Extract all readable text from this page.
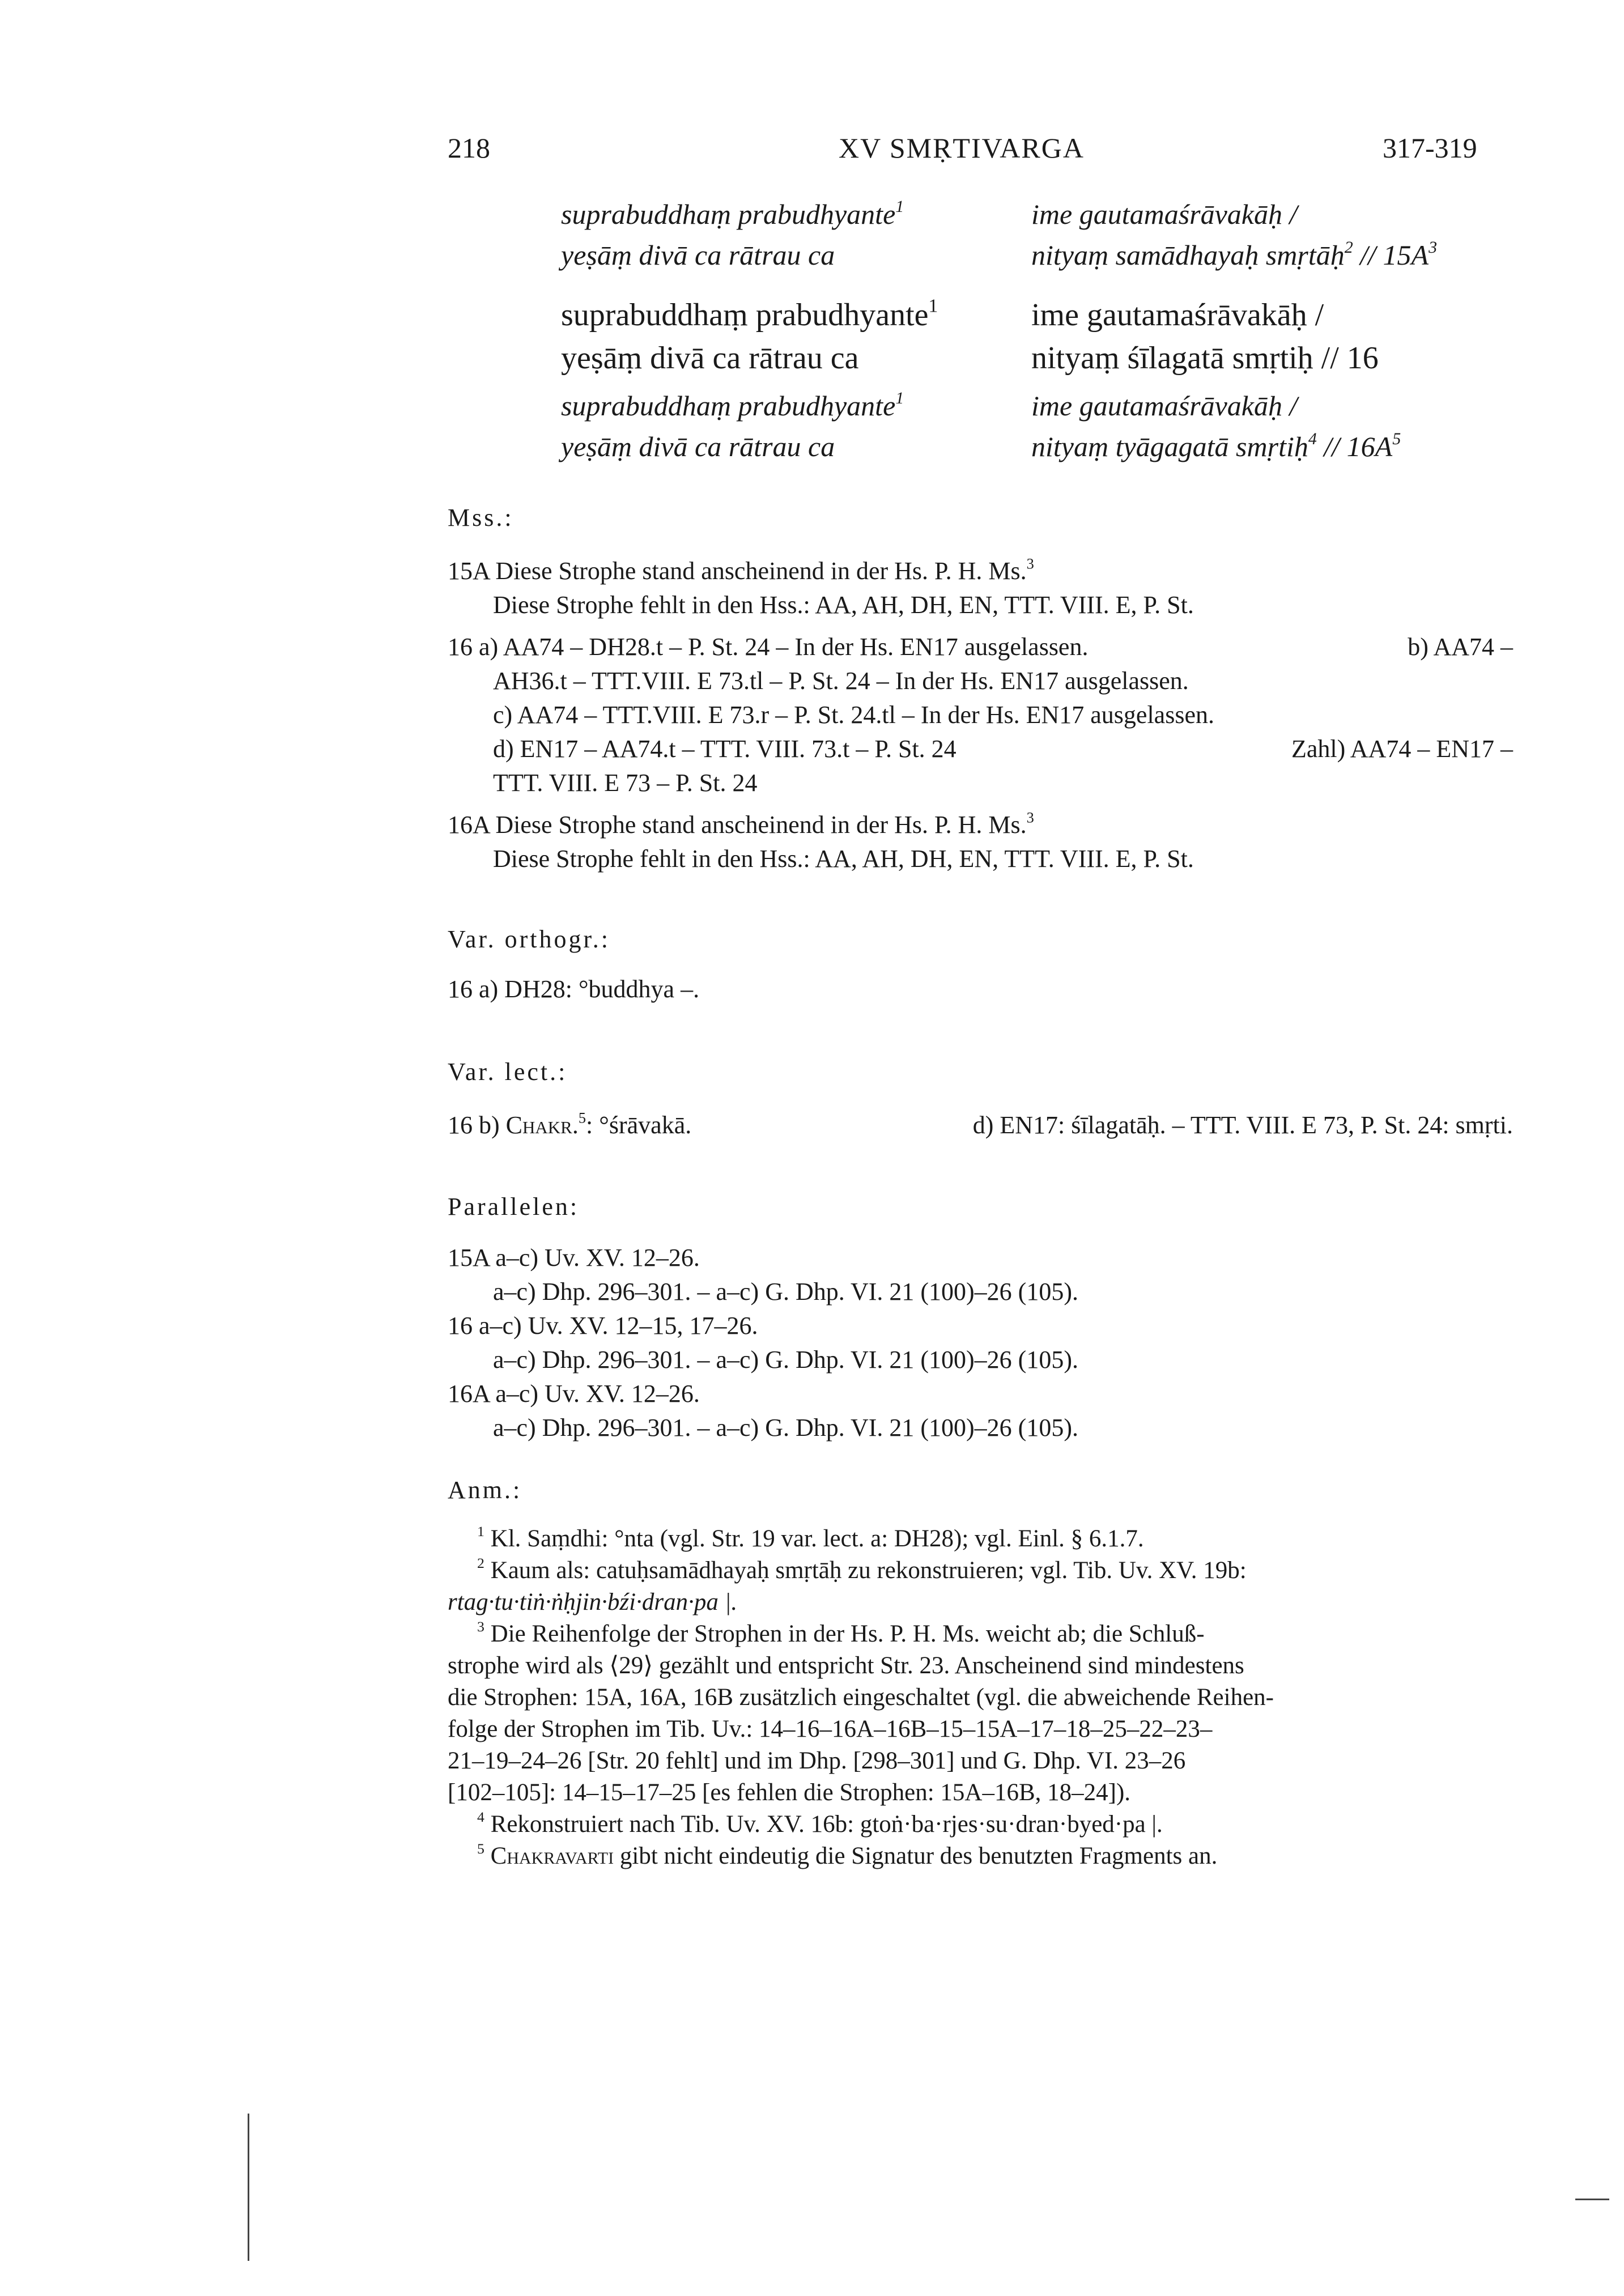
218	XV SMṚTIVARGA	317-319
suprabuddhaṃ prabudhyante$^1$	ime gautamaśrāvakāḥ /
yeṣāṃ divā ca rātrau ca	nityaṃ samādhayaḥ smṛtāḥ$^2$ // $15A^3$
suprabuddhaṃ prabudhyante$^1$	ime gautamaśrāvakāḥ /
yeṣāṃ divā ca rātrau ca	nityaṃ śīlagatā smṛtiḥ // 16
suprabuddhaṃ prabudhyante$^1$	ime gautamaśrāvakāḥ /
yeṣāṃ divā ca rātrau ca	nityaṃ tyāgagatā smṛtiḥ$^4$ // $16A^5$
Mss.:
15A Diese Strophe stand anscheinend in der Hs. P. H. Ms.$^3$
Diese Strophe fehlt in den Hss.: AA, AH, DH, EN, TTT. VIII. E, P. St.
16 a) AA74 – DH28.t – P. St. 24 – In der Hs. EN17 ausgelassen.	b) AA74 –
AH36.t – TTT.VIII. E 73.tl – P. St. 24 – In der Hs. EN17 ausgelassen.
c) AA74 – TTT.VIII. E 73.r – P. St. 24.tl – In der Hs. EN17 ausgelassen.
d) EN17 – AA74.t – TTT. VIII. 73.t – P. St. 24	Zahl) AA74 – EN17 –
TTT. VIII. E 73 – P. St. 24
16A Diese Strophe stand anscheinend in der Hs. P. H. Ms.$^3$
Diese Strophe fehlt in den Hss.: AA, AH, DH, EN, TTT. VIII. E, P. St.
Var. orthogr.:
16 a) DH28: °buddhya –.
Var. lect.:
16 b) Chakr.$^5$: °śrāvakā.	d) EN17: śīlagatāḥ. – TTT. VIII. E 73, P. St. 24: smṛti.
Parallelen:
15A a–c) Uv. XV. 12–26.
a–c) Dhp. 296–301. – a–c) G. Dhp. VI. 21 (100)–26 (105).
16 a–c) Uv. XV. 12–15, 17–26.
a–c) Dhp. 296–301. – a–c) G. Dhp. VI. 21 (100)–26 (105).
16A a–c) Uv. XV. 12–26.
a–c) Dhp. 296–301. – a–c) G. Dhp. VI. 21 (100)–26 (105).
Anm.:
$^1$ Kl. Saṃdhi: °nta (vgl. Str. 19 var. lect. a: DH28); vgl. Einl. § 6.1.7.
$^2$ Kaum als: catuḥsamādhayaḥ smṛtāḥ zu rekonstruieren; vgl. Tib. Uv. XV. 19b:
rtag·tu·tiṅ·ṅḥjin·bźi·dran·pa |.
$^3$ Die Reihenfolge der Strophen in der Hs. P. H. Ms. weicht ab; die Schluß-
strophe wird als ⟨29⟩ gezählt und entspricht Str. 23. Anscheinend sind mindestens
die Strophen: 15A, 16A, 16B zusätzlich eingeschaltet (vgl. die abweichende Reihen-
folge der Strophen im Tib. Uv.: 14–16–16A–16B–15–15A–17–18–25–22–23–
21–19–24–26 [Str. 20 fehlt] und im Dhp. [298–301] und G. Dhp. VI. 23–26
[102–105]: 14–15–17–25 [es fehlen die Strophen: 15A–16B, 18–24]).
$^4$ Rekonstruiert nach Tib. Uv. XV. 16b: gtoṅ·ba·rjes·su·dran·byed·pa |.
$^5$ Chakravarti gibt nicht eindeutig die Signatur des benutzten Fragments an.
